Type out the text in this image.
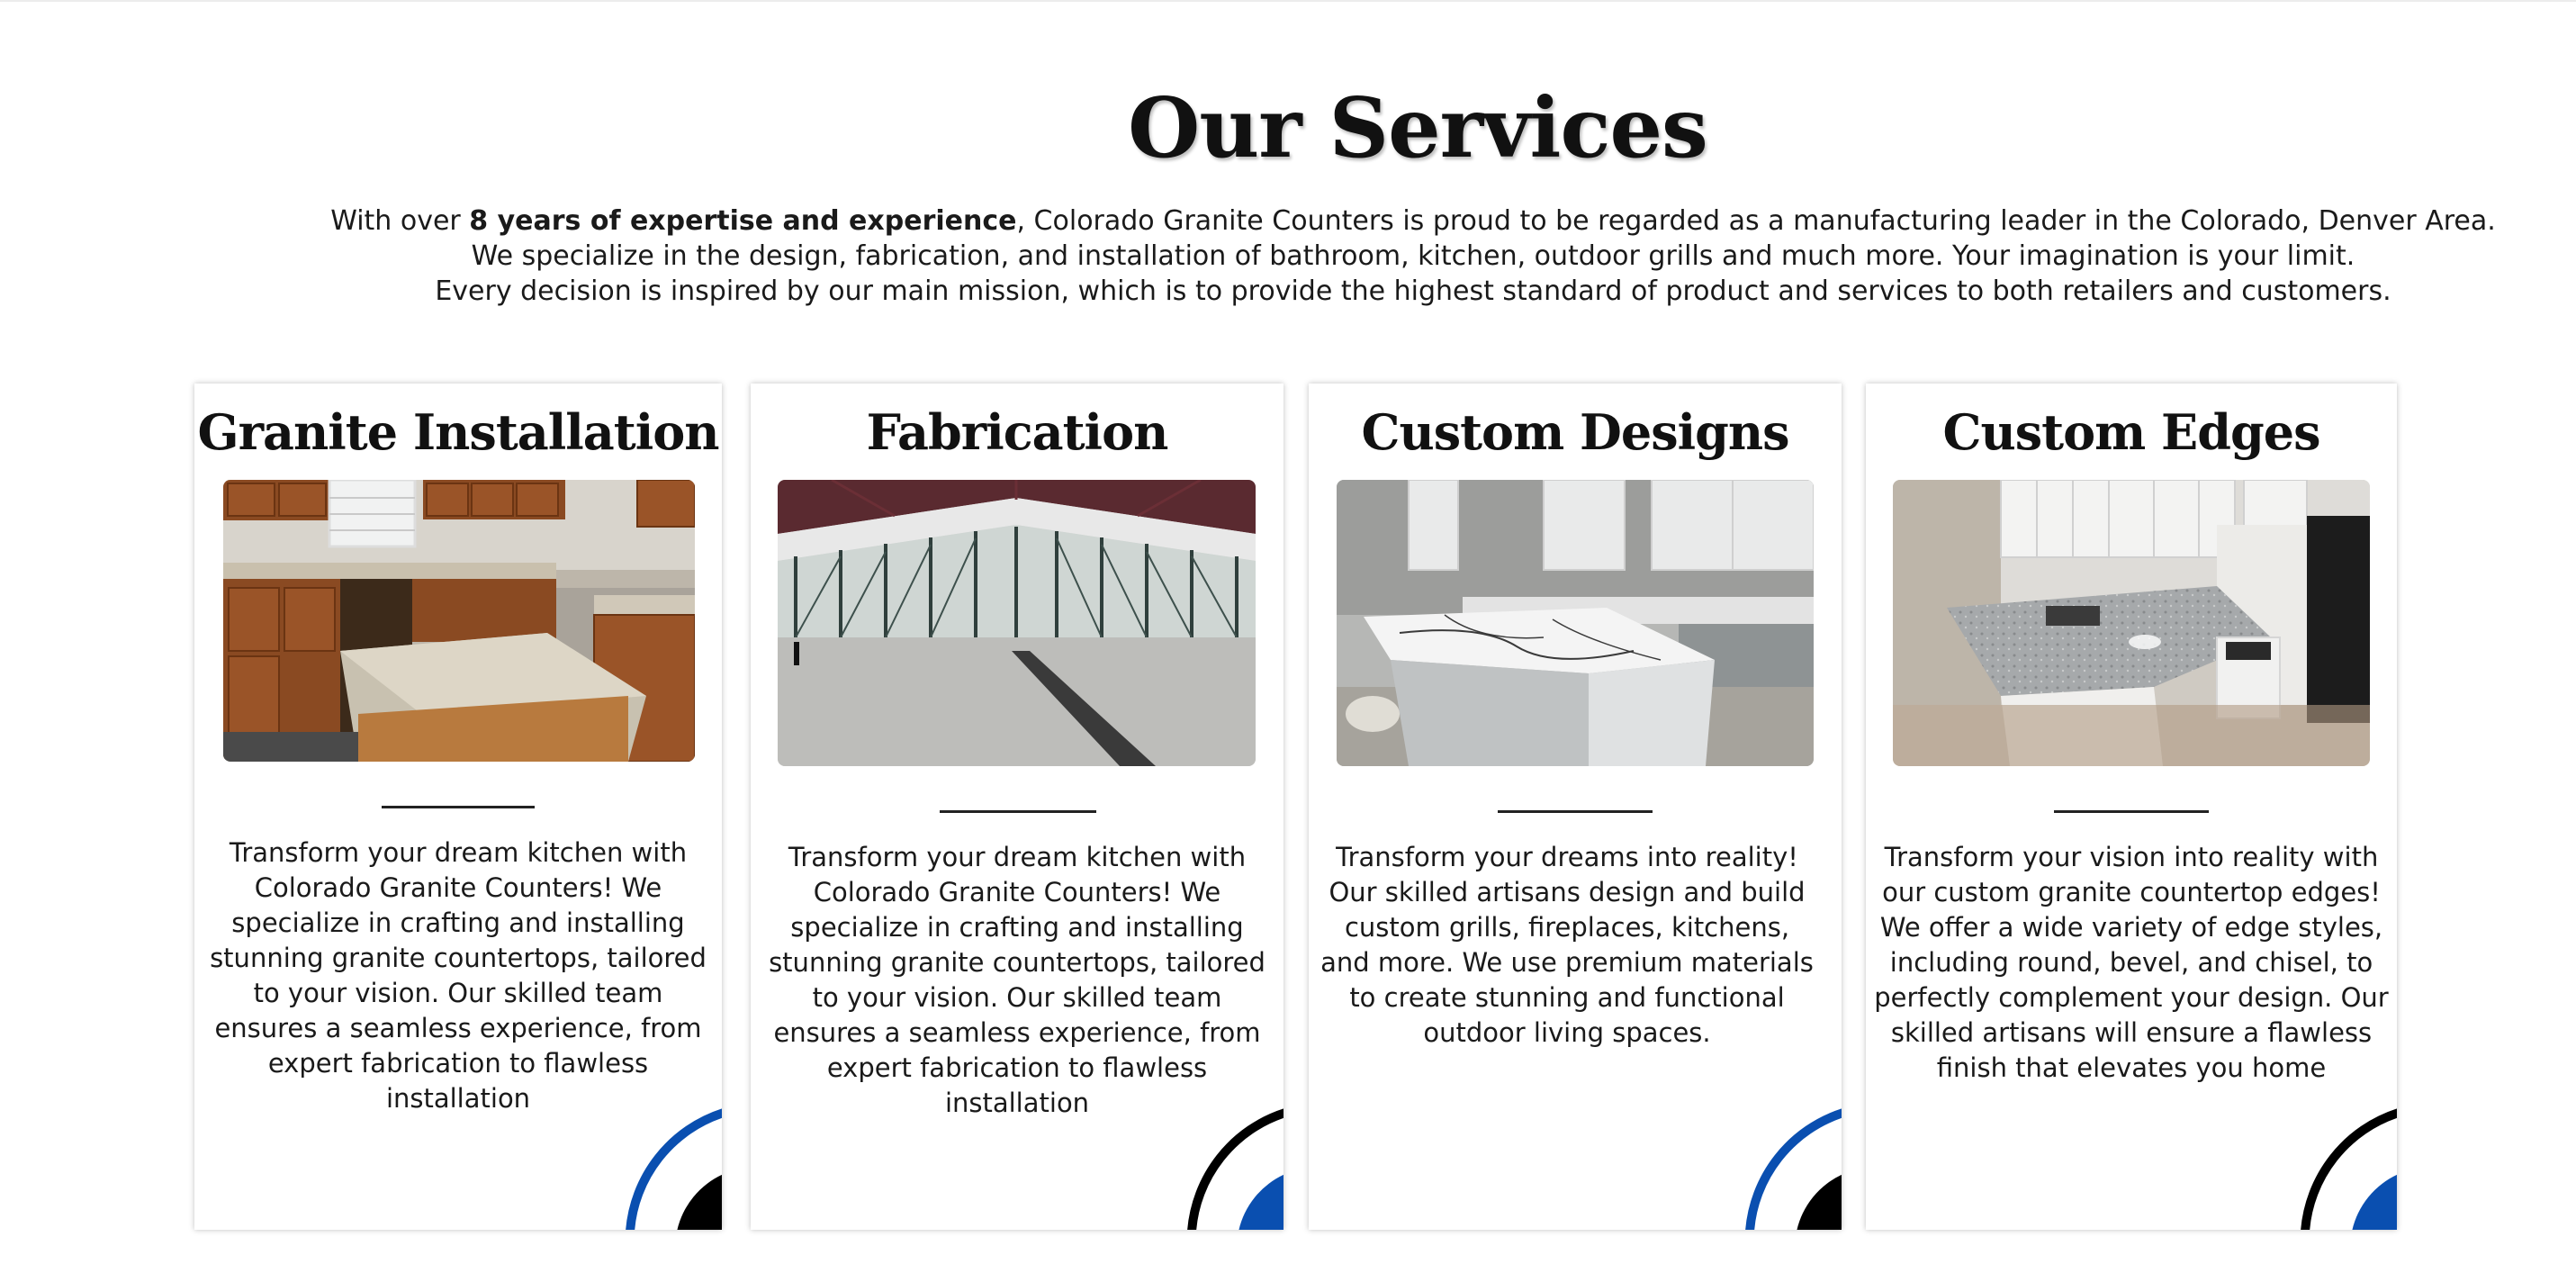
Our Services

With over 8 years of expertise and experience, Colorado Granite Counters is proud to be regarded as a manufacturing leader in the Colorado, Denver Area.

We specialize in the design, fabrication, and installation of bathroom, kitchen, outdoor grills and much more. Your imagination is your limit.

Every decision is inspired by our main mission, which is to provide the highest standard of product and services to both retailers and customers.

Granite Installation

Transform your dream kitchen with Colorado Granite Counters! We specialize in crafting and installing stunning granite countertops, tailored to your vision. Our skilled team ensures a seamless experience, from expert fabrication to flawless installation

Fabrication

Transform your dream kitchen with Colorado Granite Counters! We specialize in crafting and installing stunning granite countertops, tailored to your vision. Our skilled team ensures a seamless experience, from expert fabrication to flawless installation

Custom Designs

Transform your dreams into reality! Our skilled artisans design and build custom grills, fireplaces, kitchens, and more. We use premium materials to create stunning and functional outdoor living spaces.

Custom Edges

Transform your vision into reality with our custom granite countertop edges! We offer a wide variety of edge styles, including round, bevel, and chisel, to perfectly complement your design. Our skilled artisans will ensure a flawless finish that elevates you home
